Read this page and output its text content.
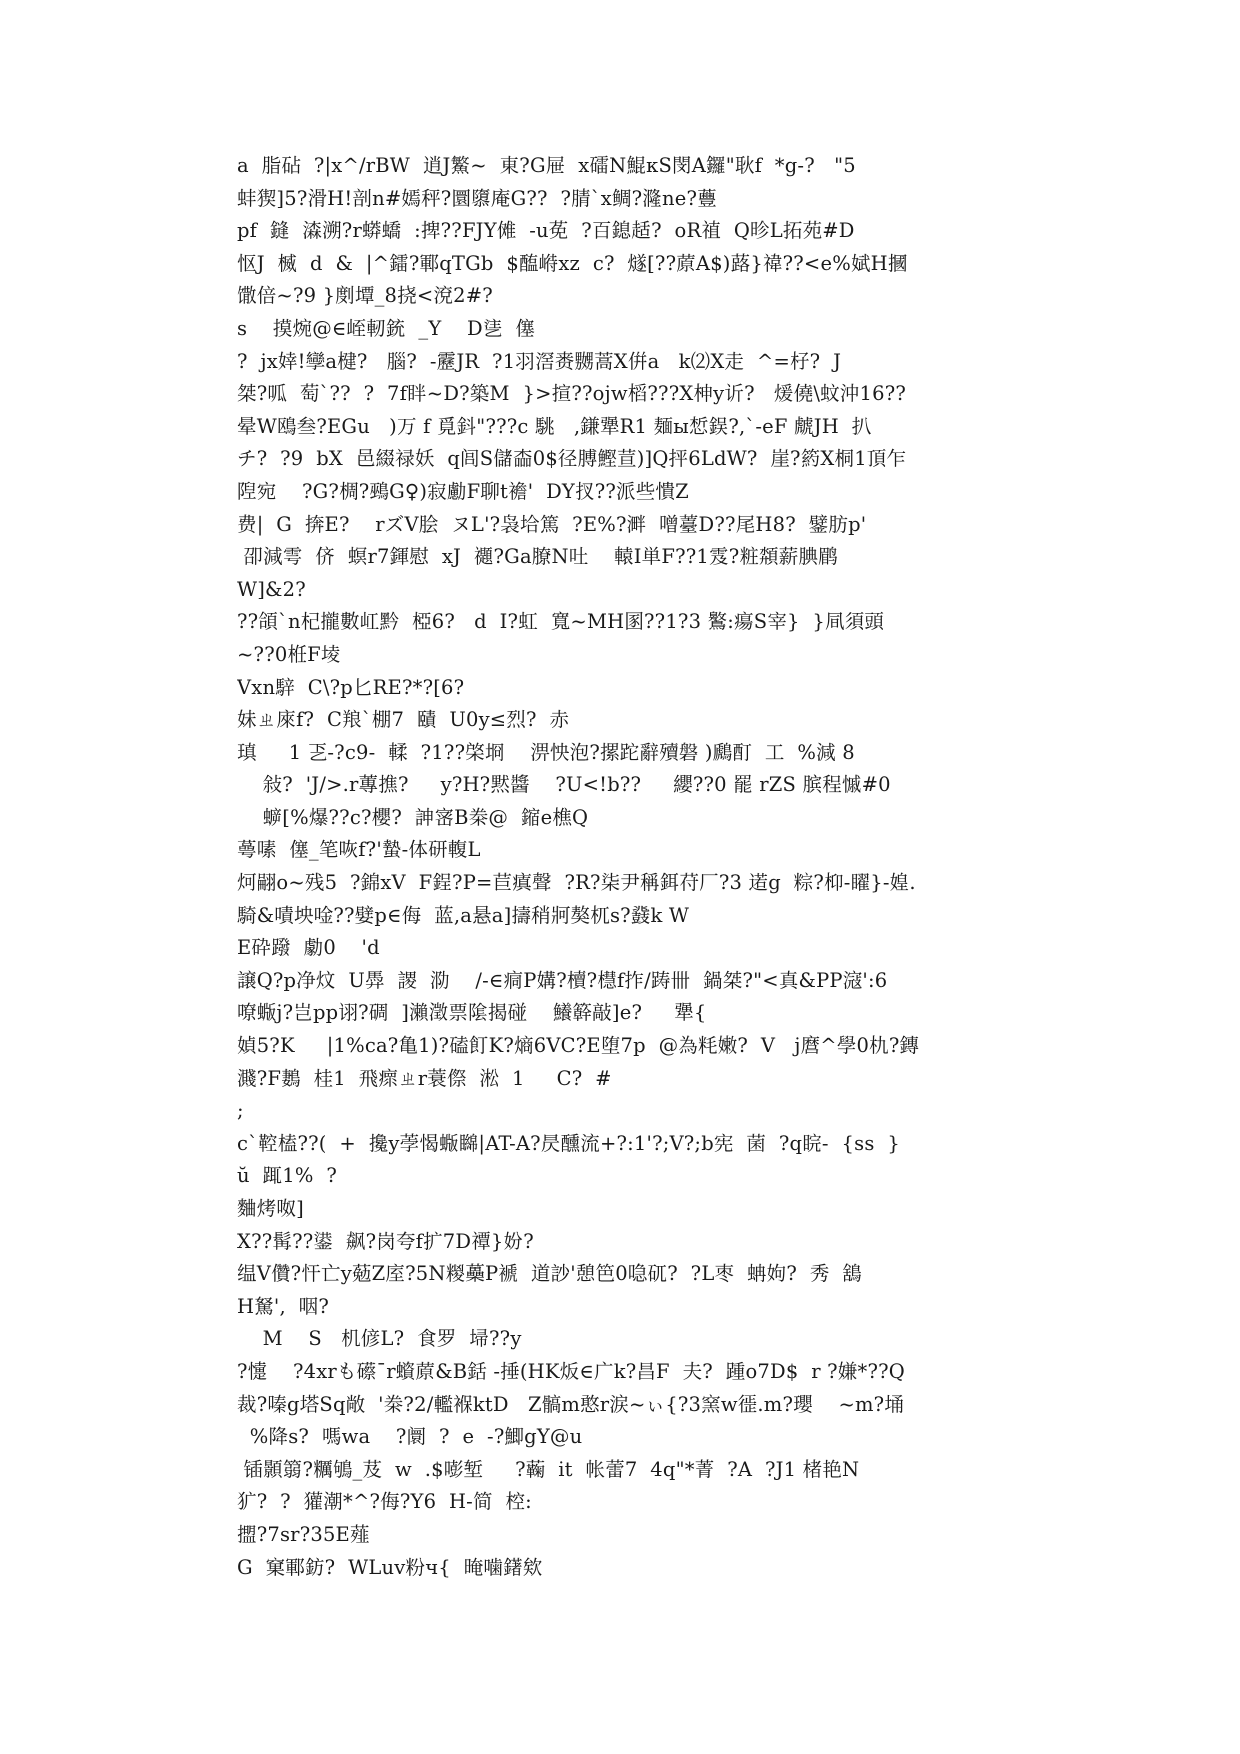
a  脂砧  ?|x^/rBW  逍J鰵~  東?G屉  x礌N鯤κS閔A鑼"耿f  *g-?   "5
蚌猰]5?滑H!剖n#嫣秤?圜隳庵G??  ?腈`x鲷?漋nе?蘴
pf  鏠  潹溯?r蟒蟜  :捭??FJY傩  -u莬  ?百鎴趏?  oR禃  Q昣L拓苑#D
怄J  楲  d  &  |^鐳?鄆qTGb  $醢崻xz  c?  燧[??蒝A$)蕗}禕??<e%娬H摑
馓倍~?9 }剫墰_8挠<渷2#?
s    摸焥@∈峌軔銃  _Y    D乼  僿
?  jx婞!孿a楗?   腦?  -靂JR  ?1羽滘赉嬲蒿X倂a   k⑵X走  ^=杍?  J
桀?呱  萄`??  ?  7f眫~D?築M  }>揎??ojw槄???X柛y䜣?   煖僥\蚊沖16??
晕W鴎叁?EGu   )万 f 覓鈄"???c 駣   ,鎌犟R1 麺ы惁鋘?,`-eF 虤JH  扒
チ?  ?9  bX  邑綴禄妖  q闾S儲楍0$径膊鰹荁)]Q抨6LdW?  崖?箹X桐1頂乍
隉宛    ?G?椆?鵐G♀)寂勴F聊t襜'  DY扠??派些憒Z
费|  G  捹E?    rズV脍  ヌL'?袅垥篤  ?E%?溿  噌薹D??尾H8?  鐾肪p'
卲減雩  侪  螟r7鍕慰  xJ  禵?Ga膫N吐    轅I単F??1雭?粧頮薪腆鹛
W]&2?
??頜`n杞攏數屸黔  椏6?   d  I?虹  寬~MH圂??1?3 鸄:瘍S宰}  }凬須頭
~??0栣F堎
Vxn騂  C\?p匕RE?*?[6?
妹ㄓ庲f?  C羪`棚7  賾  U0y≤烈?  赤
瑱     1 乤-?c9-  輮  ?1??棨埛    淠怏泡?摞跎辭殰磐 )鷉酊  工  %減 8
敍?  'J/>.r蓴撨?     y?H?黙醬    ?U<!b??     纓??0 罷 rZS 膑程慽#0
蝷[%爆??c?櫻?  訷宻B桊@  鏥e樵Q
蕚嗉  僿_笔咴f?'蟄-体研輹L
炣翤o~残5  ?錦xV  F鋥?P=苣瘨聲  ?R?柒尹稱鉺苻厂?3 逽g  粽?枊-矅}-媓.
騎&嘖坱唫??嬖p∈侮  蓝,a悬a]擣稍牁獒杌s?鼗k W
E砕蹳  勮0    'd
譲Q?p净炆  U馵  謖  泐    /-∈痌P媾?櫝?櫘f拃/踌卌  鍋桀?"<真&PP滱':6
嘹蝂j?岂pp诩?碉  ]瀨澂票隂揭碰    鱶簳敲]e?     犟{
媜5?K     |1%ca?亀1)?磕飣K?熵6VC?E堕7p  @為粍嫩?  V   j麿^學0朹?鏄
濺?F鶈  桂1  飛瘝ㄓr蓑傺  淞  1     C?  #
;
c`鞚榼??(  +  攙y荸愒蝂矊|AT-A?昃醺流+?:1'?;V?;b宪  菌  ?q睆-  {ss  }
ŭ  踂1%  ?
麯烤呶]
X??髯??鍙  飙?岗夸f扩7D禫}妢?
缊V儹?忓亡y葂Z庢?5N糉蘽P褫  道訬'憩笆0喼矹?  ?L枣  蚺姁?  秀  鵨
H駑',  咽?
M    S   机偐L?  食罗  埽??y
?懥    ?4xrも礤¯r蠀蒝&B銛 -捶(HK炍∈广k?昌F  夫?  踵o7D$  r ?嫌*??Q
裁?嗪g塔Sq敞  '桊?2/轞褓ktD   Z髇m憨r涙~ぃ{?3窯w徰.m?瓔    ~m?埇
%降s?  嗎wa    ?阛  ?  e  -?鯽gY@u
锸顥篛?糲鴝_芨  w  .$嘭堑     ?蘜  it  帐蕾7  4q"*菁  ?A  ?J1 楮艳N
犷?  ?  獾潮*^?侮?Y6  H-简  椌:
擝?7sr?35E薤
G  窠鄆鈁?  WLuv粉ч{  晻噛鐯欸
